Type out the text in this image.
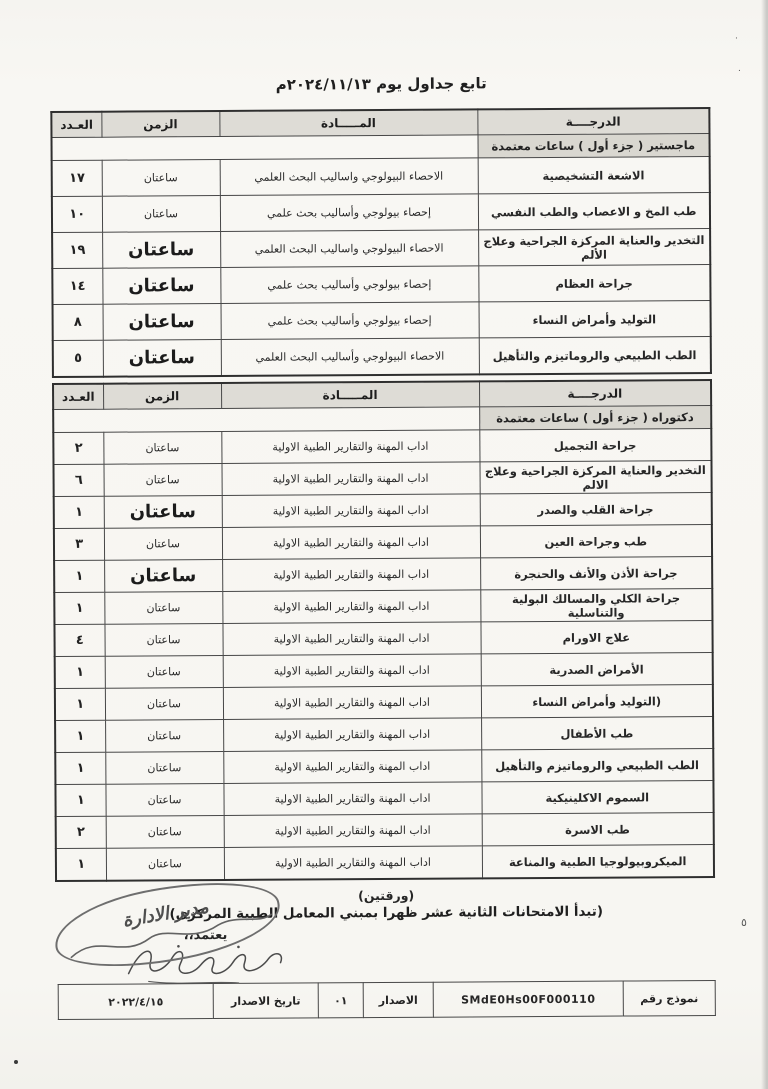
تابع جداول يوم ٢٠٢٤/١١/١٣م
الدرجــــة	المـــــادة	الزمن	العـدد
ماجستير ( جزء أول ) ساعات معتمدة			
الاشعة التشخيصية	الاحصاء البيولوجي واساليب البحث العلمي	ساعتان	١٧
طب المخ و الاعصاب والطب النفسي	إحصاء بيولوجي وأساليب بحث علمي	ساعتان	١٠
التخدير والعناية المركزة الجراحية وعلاج الألم	الاحصاء البيولوجي واساليب البحث العلمي	ساعتان	١٩
جراحة العظام	إحصاء بيولوجي وأساليب بحث علمي	ساعتان	١٤
التوليد وأمراض النساء	إحصاء بيولوجي وأساليب بحث علمي	ساعتان	٨
الطب الطبيعي والروماتيزم والتأهيل	الاحصاء البيولوجي وأساليب البحث العلمي	ساعتان	٥
الدرجــــة	المـــــادة	الزمن	العـدد
دكتوراه ( جزء أول ) ساعات معتمدة			
جراحة التجميل	اداب المهنة والتقارير الطبية الاولية	ساعتان	٢
التخدير والعناية المركزة الجراحية وعلاج الالم	اداب المهنة والتقارير الطبية الاولية	ساعتان	٦
جراحة القلب والصدر	اداب المهنة والتقارير الطبية الاولية	ساعتان	١
طب وجراحة العين	اداب المهنة والتقارير الطبية الاولية	ساعتان	٣
جراحة الأذن والأنف والحنجرة	اداب المهنة والتقارير الطبية الاولية	ساعتان	١
جراحة الكلي والمسالك البولية والتناسلية	اداب المهنة والتقارير الطبية الاولية	ساعتان	١
علاج الاورام	اداب المهنة والتقارير الطبية الاولية	ساعتان	٤
الأمراض الصدرية	اداب المهنة والتقارير الطبية الاولية	ساعتان	١
(التوليد وأمراض النساء	اداب المهنة والتقارير الطبية الاولية	ساعتان	١
طب الأطفال	اداب المهنة والتقارير الطبية الاولية	ساعتان	١
الطب الطبيعي والروماتيزم والتأهيل	اداب المهنة والتقارير الطبية الاولية	ساعتان	١
السموم الاكلينيكية	اداب المهنة والتقارير الطبية الاولية	ساعتان	١
طب الاسرة	اداب المهنة والتقارير الطبية الاولية	ساعتان	٢
الميكروبيولوجيا الطبية والمناعة	اداب المهنة والتقارير الطبية الاولية	ساعتان	١
(ورقتين)
(تبدأ الامتحانات الثانية عشر ظهرا بمبني المعامل الطبية المركزى)
يعتمد،،
مدير الادارة
نموذج رقم	SMdE0Hs00F000110	الاصدار	٠١	تاريخ الاصدار	٢٠٢٢/٤/١٥
٥
·
٠
